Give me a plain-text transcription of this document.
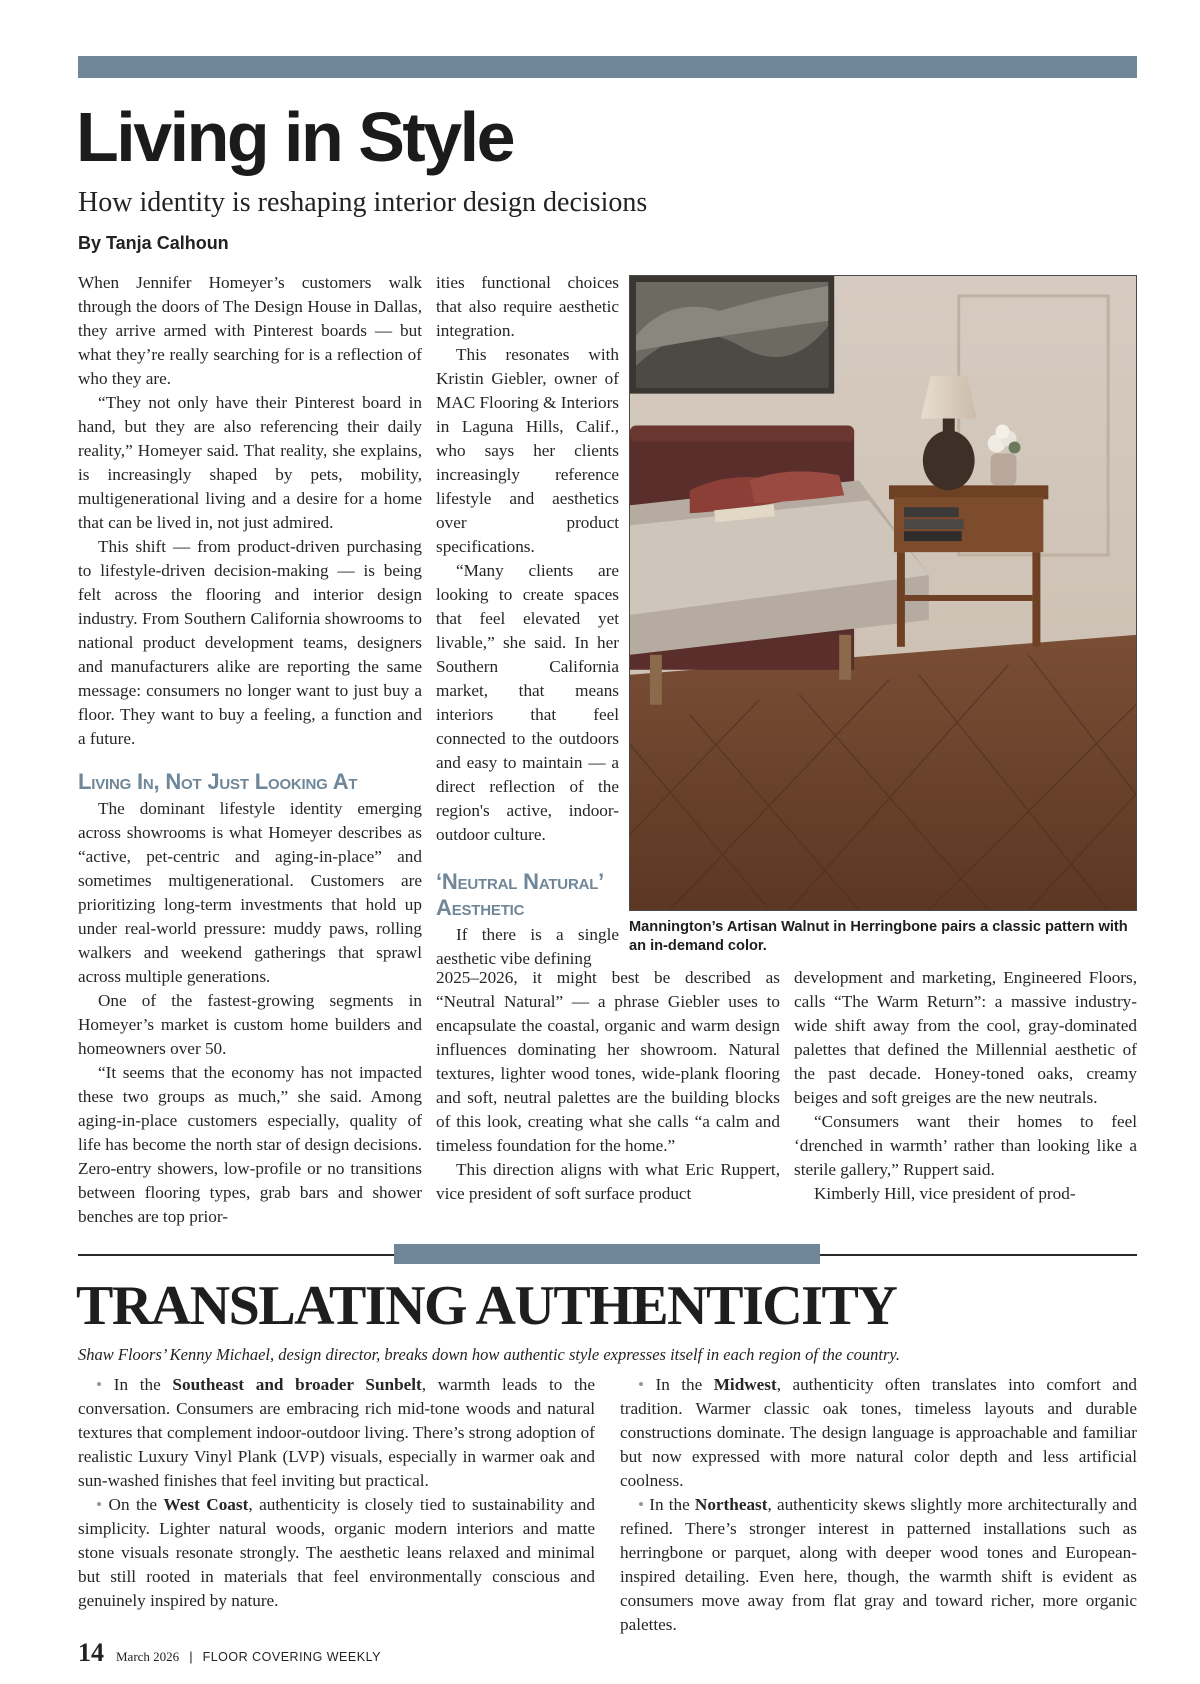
Living in Style
How identity is reshaping interior design decisions
By Tanja Calhoun

When Jennifer Homeyer’s customers walk through the doors of The Design House in Dallas, they arrive armed with Pinterest boards — but what they’re really searching for is a reflection of who they are.

“They not only have their Pinterest board in hand, but they are also referencing their daily reality,” Homeyer said. That reality, she explains, is increasingly shaped by pets, mobility, multigenerational living and a desire for a home that can be lived in, not just admired.

This shift — from product-driven purchasing to lifestyle-driven decision-making — is being felt across the flooring and interior design industry. From Southern California showrooms to national product development teams, designers and manufacturers alike are reporting the same message: consumers no longer want to just buy a floor. They want to buy a feeling, a function and a future.

Living In, Not Just Looking At

The dominant lifestyle identity emerging across showrooms is what Homeyer describes as “active, pet-centric and aging-in-place” and sometimes multigenerational. Customers are prioritizing long-term investments that hold up under real-world pressure: muddy paws, rolling walkers and weekend gatherings that sprawl across multiple generations.

One of the fastest-growing segments in Homeyer’s market is custom home builders and homeowners over 50.

“It seems that the economy has not impacted these two groups as much,” she said. Among aging-in-place customers especially, quality of life has become the north star of design decisions. Zero-entry showers, low-profile or no transitions between flooring types, grab bars and shower benches are top prior-

ities functional choices that also require aesthetic integration.

This resonates with Kristin Giebler, owner of MAC Flooring & Interiors in Laguna Hills, Calif., who says her clients increasingly reference lifestyle and aesthetics over product specifications.

“Many clients are looking to create spaces that feel elevated yet livable,” she said. In her Southern California market, that means interiors that feel connected to the outdoors and easy to maintain — a direct reflection of the region's active, indoor-outdoor culture.

‘Neutral Natural’ Aesthetic

If there is a single aesthetic vibe defining

Mannington’s Artisan Walnut in Herringbone pairs a classic pattern with an in-demand color.

2025–2026, it might best be described as “Neutral Natural” — a phrase Giebler uses to encapsulate the coastal, organic and warm design influences dominating her showroom. Natural textures, lighter wood tones, wide-plank flooring and soft, neutral palettes are the building blocks of this look, creating what she calls “a calm and timeless foundation for the home.”

This direction aligns with what Eric Ruppert, vice president of soft surface product

development and marketing, Engineered Floors, calls “The Warm Return”: a massive industry-wide shift away from the cool, gray-dominated palettes that defined the Millennial aesthetic of the past decade. Honey-toned oaks, creamy beiges and soft greiges are the new neutrals.

“Consumers want their homes to feel ‘drenched in warmth’ rather than looking like a sterile gallery,” Ruppert said.

Kimberly Hill, vice president of prod-

TRANSLATING AUTHENTICITY
Shaw Floors’ Kenny Michael, design director, breaks down how authentic style expresses itself in each region of the country.

• In the Southeast and broader Sunbelt, warmth leads to the conversation. Consumers are embracing rich mid-tone woods and natural textures that complement indoor-outdoor living. There’s strong adoption of realistic Luxury Vinyl Plank (LVP) visuals, especially in warmer oak and sun-washed finishes that feel inviting but practical.

• On the West Coast, authenticity is closely tied to sustainability and simplicity. Lighter natural woods, organic modern interiors and matte stone visuals resonate strongly. The aesthetic leans relaxed and minimal but still rooted in materials that feel environmentally conscious and genuinely inspired by nature.

• In the Midwest, authenticity often translates into comfort and tradition. Warmer classic oak tones, timeless layouts and durable constructions dominate. The design language is approachable and familiar but now expressed with more natural color depth and less artificial coolness.

• In the Northeast, authenticity skews slightly more architecturally and refined. There’s stronger interest in patterned installations such as herringbone or parquet, along with deeper wood tones and European-inspired detailing. Even here, though, the warmth shift is evident as consumers move away from flat gray and toward richer, more organic palettes.

14 March 2026 | FLOOR COVERING WEEKLY
